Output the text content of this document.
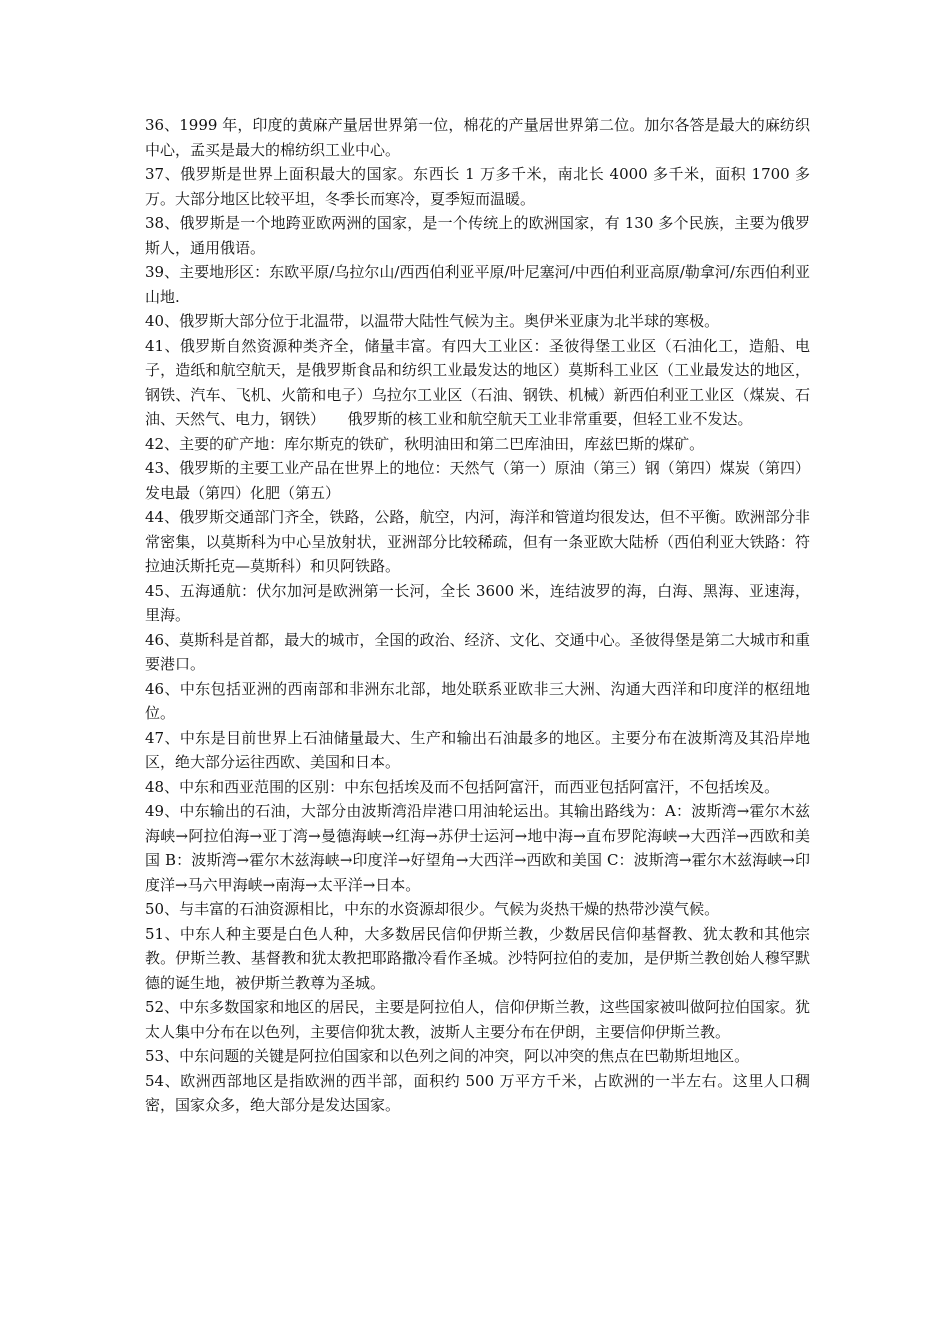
36、1999 年，印度的黄麻产量居世界第一位，棉花的产量居世界第二位。加尔各答是最大的麻纺织中心，孟买是最大的棉纺织工业中心。

37、俄罗斯是世界上面积最大的国家。东西长 1 万多千米，南北长 4000 多千米，面积 1700 多万。大部分地区比较平坦，冬季长而寒冷，夏季短而温暖。

38、俄罗斯是一个地跨亚欧两洲的国家，是一个传统上的欧洲国家，有 130 多个民族，主要为俄罗斯人，通用俄语。

39、主要地形区：东欧平原/乌拉尔山/西西伯利亚平原/叶尼塞河/中西伯利亚高原/勒拿河/东西伯利亚山地.

40、俄罗斯大部分位于北温带，以温带大陆性气候为主。奥伊米亚康为北半球的寒极。

41、俄罗斯自然资源种类齐全，储量丰富。有四大工业区：圣彼得堡工业区（石油化工，造船、电子，造纸和航空航天，是俄罗斯食品和纺织工业最发达的地区）莫斯科工业区（工业最发达的地区，钢铁、汽车、飞机、火箭和电子）乌拉尔工业区（石油、钢铁、机械）新西伯利亚工业区（煤炭、石油、天然气、电力，钢铁）　　俄罗斯的核工业和航空航天工业非常重要，但轻工业不发达。

42、主要的矿产地：库尔斯克的铁矿，秋明油田和第二巴库油田，库兹巴斯的煤矿。

43、俄罗斯的主要工业产品在世界上的地位：天然气（第一）原油（第三）钢（第四）煤炭（第四）发电最（第四）化肥（第五）

44、俄罗斯交通部门齐全，铁路，公路，航空，内河，海洋和管道均很发达，但不平衡。欧洲部分非常密集，以莫斯科为中心呈放射状，亚洲部分比较稀疏，但有一条亚欧大陆桥（西伯利亚大铁路：符拉迪沃斯托克—莫斯科）和贝阿铁路。

45、五海通航：伏尔加河是欧洲第一长河，全长 3600 米，连结波罗的海，白海、黑海、亚速海，里海。

46、莫斯科是首都，最大的城市，全国的政治、经济、文化、交通中心。圣彼得堡是第二大城市和重要港口。

46、中东包括亚洲的西南部和非洲东北部，地处联系亚欧非三大洲、沟通大西洋和印度洋的枢纽地位。

47、中东是目前世界上石油储量最大、生产和输出石油最多的地区。主要分布在波斯湾及其沿岸地区，绝大部分运往西欧、美国和日本。

48、中东和西亚范围的区别：中东包括埃及而不包括阿富汗，而西亚包括阿富汗，不包括埃及。

49、中东输出的石油，大部分由波斯湾沿岸港口用油轮运出。其输出路线为：A：波斯湾→霍尔木兹海峡→阿拉伯海→亚丁湾→曼德海峡→红海→苏伊士运河→地中海→直布罗陀海峡→大西洋→西欧和美国 B：波斯湾→霍尔木兹海峡→印度洋→好望角→大西洋→西欧和美国 C：波斯湾→霍尔木兹海峡→印度洋→马六甲海峡→南海→太平洋→日本。

50、与丰富的石油资源相比，中东的水资源却很少。气候为炎热干燥的热带沙漠气候。

51、中东人种主要是白色人种，大多数居民信仰伊斯兰教，少数居民信仰基督教、犹太教和其他宗教。伊斯兰教、基督教和犹太教把耶路撒冷看作圣城。沙特阿拉伯的麦加，是伊斯兰教创始人穆罕默德的诞生地，被伊斯兰教尊为圣城。

52、中东多数国家和地区的居民，主要是阿拉伯人，信仰伊斯兰教，这些国家被叫做阿拉伯国家。犹太人集中分布在以色列，主要信仰犹太教，波斯人主要分布在伊朗，主要信仰伊斯兰教。

53、中东问题的关键是阿拉伯国家和以色列之间的冲突，阿以冲突的焦点在巴勒斯坦地区。

54、欧洲西部地区是指欧洲的西半部，面积约 500 万平方千米，占欧洲的一半左右。这里人口稠密，国家众多，绝大部分是发达国家。
